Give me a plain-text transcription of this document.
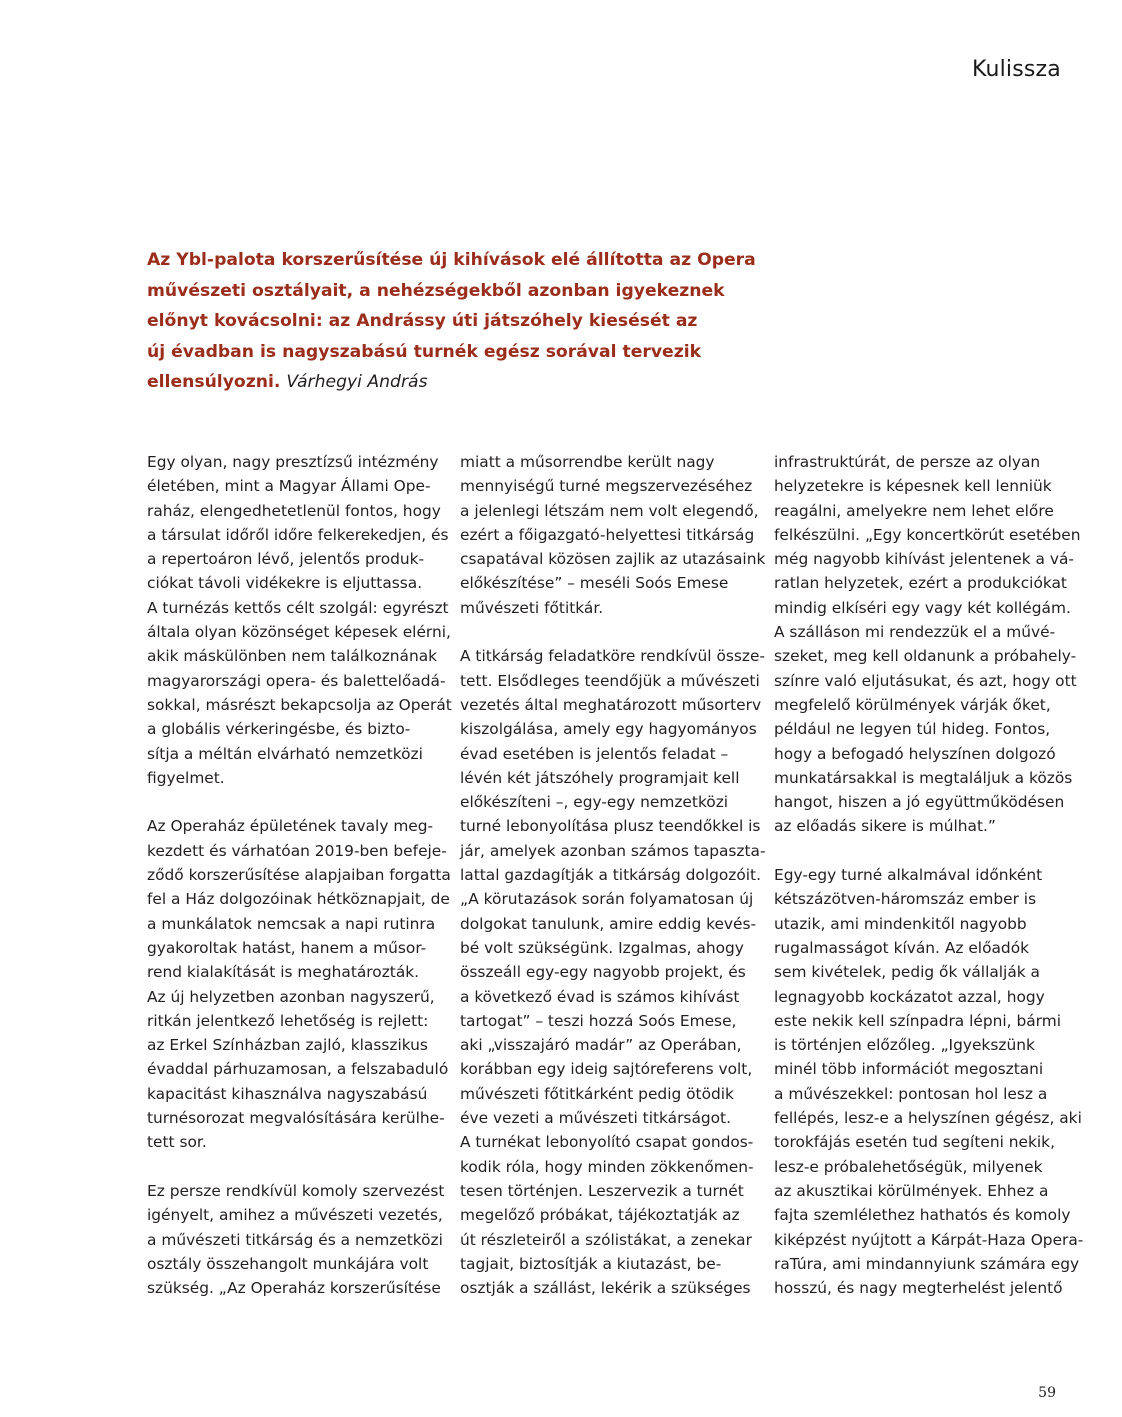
Kulissza

Az Ybl-palota korszerűsítése új kihívások elé állította az Opera
művészeti osztályait, a nehézségekből azonban igyekeznek
előnyt kovácsolni: az Andrássy úti játszóhely kiesését az
új évadban is nagyszabású turnék egész sorával tervezik
ellensúlyozni. Várhegyi András

Egy olyan, nagy presztízsű intézmény
életében, mint a Magyar Állami Ope-
raház, elengedhetetlenül fontos, hogy
a társulat időről időre felkerekedjen, és
a repertoáron lévő, jelentős produk-
ciókat távoli vidékekre is eljuttassa.
A turnézás kettős célt szolgál: egyrészt
általa olyan közönséget képesek elérni,
akik máskülönben nem találkoznának
magyarországi opera- és balettelőadá-
sokkal, másrészt bekapcsolja az Operát
a globális vérkeringésbe, és biztο-
sítja a méltán elvárható nemzetközi
figyelmet.
Az Operaház épületének tavaly meg-
kezdett és várhatóan 2019-ben befeje-
ződő korszerűsítése alapjaiban forgatta
fel a Ház dolgozóinak hétköznapjait, de
a munkálatok nemcsak a napi rutinra
gyakoroltak hatást, hanem a műsor-
rend kialakítását is meghatározták.
Az új helyzetben azonban nagyszerű,
ritkán jelentkező lehetőség is rejlett:
az Erkel Színházban zajló, klasszikus
évaddal párhuzamosan, a felszabaduló
kapacitást kihasználva nagyszabású
turnésorozat megvalósítására kerülhe-
tett sor.
Ez persze rendkívül komoly szervezést
igényelt, amihez a művészeti vezetés,
a művészeti titkárság és a nemzetközi
osztály összehangolt munkájára volt
szükség. „Az Operaház korszerűsítése
miatt a műsorrendbe került nagy
mennyiségű turné megszervezéséhez
a jelenlegi létszám nem volt elegendő,
ezért a főigazgató-helyettesi titkárság
csapatával közösen zajlik az utazásaink
előkészítése” – meséli Soós Emese
művészeti főtitkár.
A titkárság feladatköre rendkívül össze-
tett. Elsődleges teendőjük a művészeti
vezetés által meghatározott műsorterv
kiszolgálása, amely egy hagyományos
évad esetében is jelentős feladat –
lévén két játszóhely programjait kell
előkészíteni –, egy-egy nemzetközi
turné lebonyolítása plusz teendőkkel is
jár, amelyek azonban számos tapaszta-
lattal gazdagítják a titkárság dolgozóit.
„A körutazások során folyamatosan új
dolgokat tanulunk, amire eddig kevés-
bé volt szükségünk. Izgalmas, ahogy
összeáll egy-egy nagyobb projekt, és
a következő évad is számos kihívást
tartogat” – teszi hozzá Soós Emese,
aki „visszajáró madár” az Operában,
korábban egy ideig sajtóreferens volt,
művészeti főtitkárként pedig ötödik
éve vezeti a művészeti titkárságot.
A turnékat lebonyolító csapat gondos-
kodik róla, hogy minden zökkenőmen-
tesen történjen. Leszervezik a turnét
megelőző próbákat, tájékoztatják az
út részleteiről a szólistákat, a zenekar
tagjait, biztosítják a kiutazást, be-
osztják a szállást, lekérik a szükséges
infrastruktúrát, de persze az olyan
helyzetekre is képesnek kell lenniük
reagálni, amelyekre nem lehet előre
felkészülni. „Egy koncertkörút esetében
még nagyobb kihívást jelentenek a vá-
ratlan helyzetek, ezért a produkciókat
mindig elkíséri egy vagy két kollégám.
A szálláson mi rendezzük el a művé-
szeket, meg kell oldanunk a próbahely-
színre való eljutásukat, és azt, hogy ott
megfelelő körülmények várják őket,
például ne legyen túl hideg. Fontos,
hogy a befogadó helyszínen dolgozó
munkatársakkal is megtaláljuk a közös
hangot, hiszen a jó együttműködésen
az előadás sikere is múlhat.”
Egy-egy turné alkalmával időnként
kétszázötven-háromszáz ember is
utazik, ami mindenkitől nagyobb
rugalmasságot kíván. Az előadók
sem kivételek, pedig ők vállalják a
legnagyobb kockázatot azzal, hogy
este nekik kell színpadra lépni, bármi
is történjen előzőleg. „Igyekszünk
minél több információt megosztani
a művészekkel: pontosan hol lesz a
fellépés, lesz-e a helyszínen gégész, aki
torokfájás esetén tud segíteni nekik,
lesz-e próbalehetőségük, milyenek
az akusztikai körülmények. Ehhez a
fajta szemlélethez hathatós és komoly
kiképzést nyújtott a Kárpát-Haza Opera-
raTúra, ami mindannyiunk számára egy
hosszú, és nagy megterhelést jelentő
59
